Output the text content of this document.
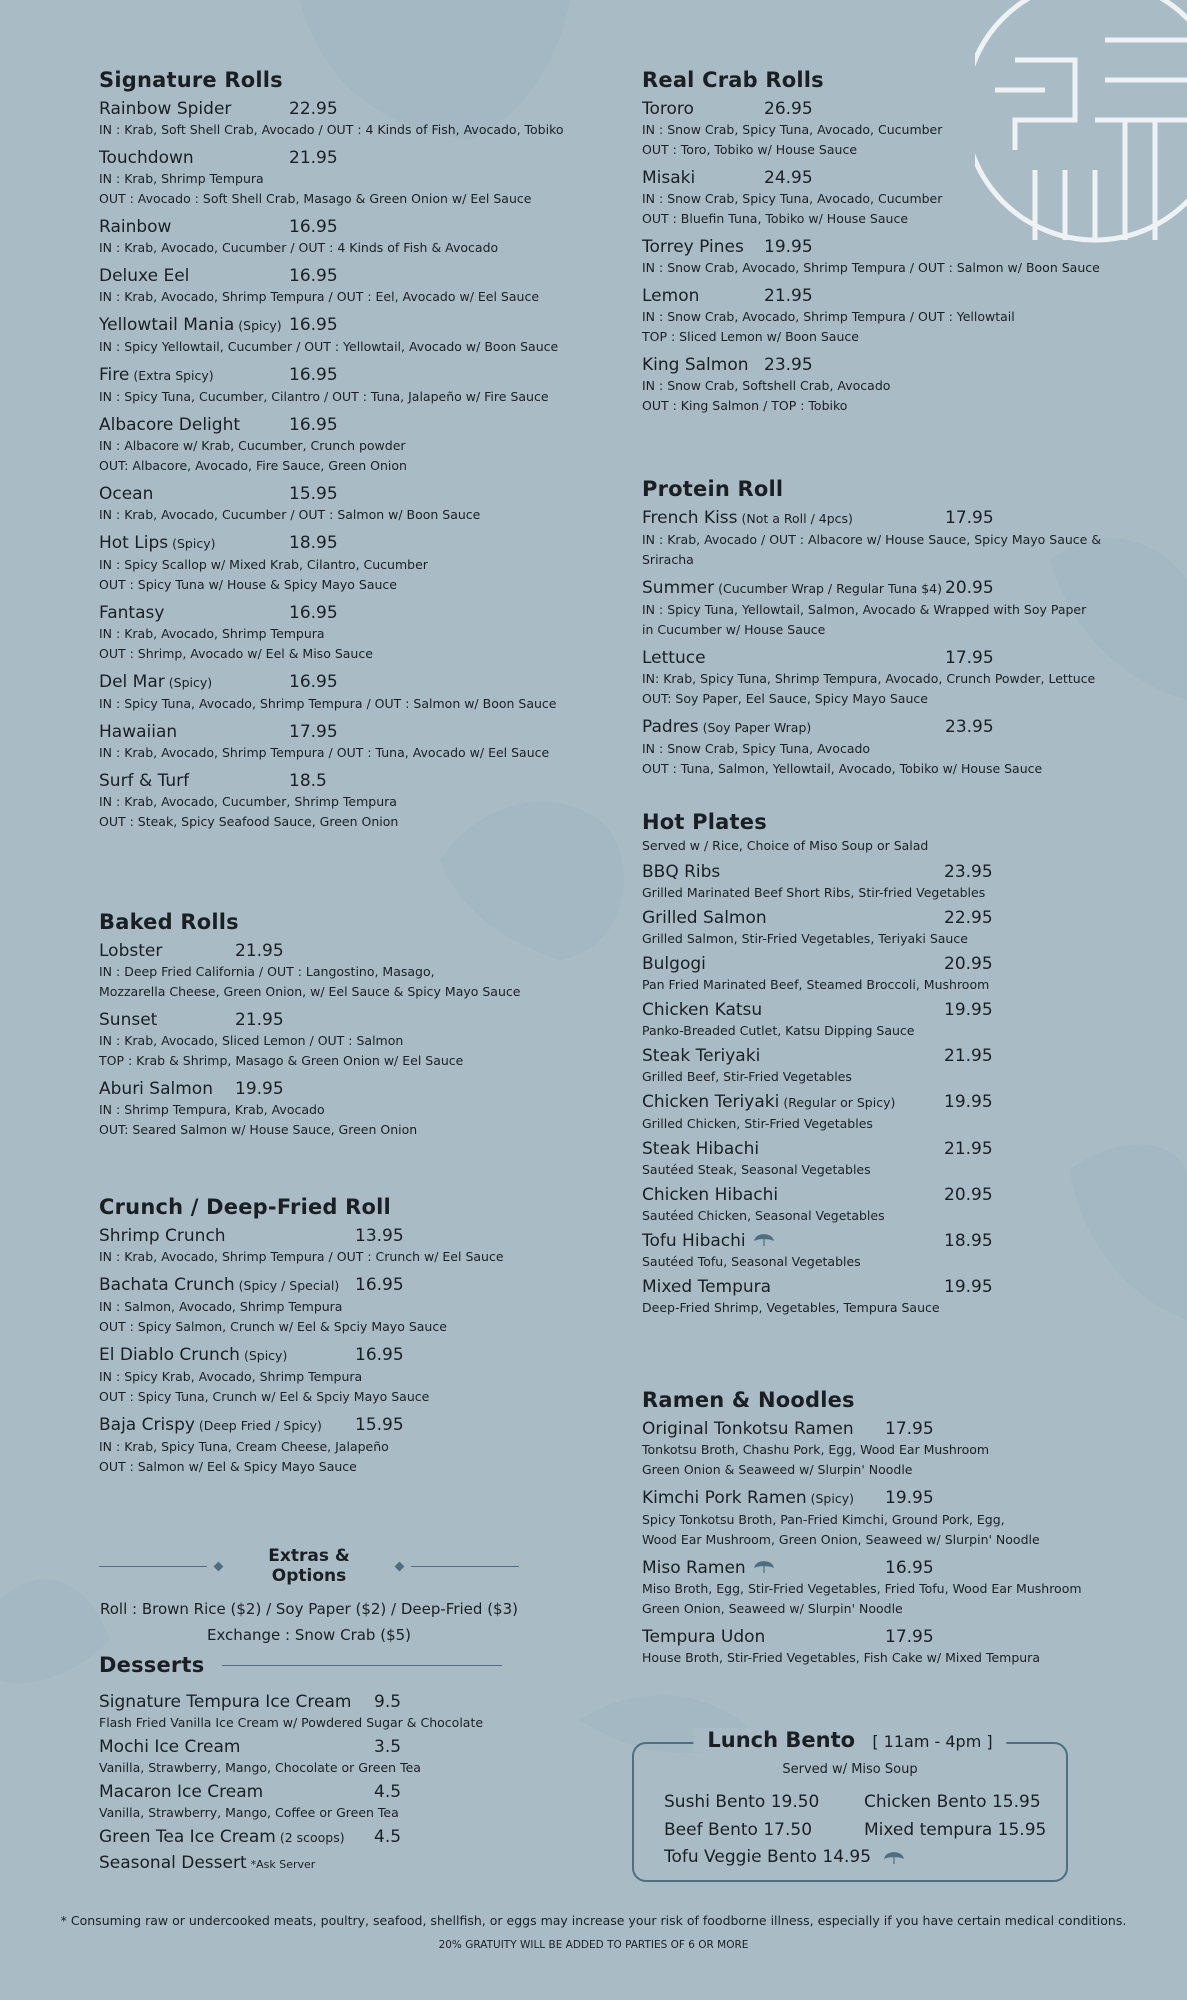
Signature Rolls
Rainbow Spider	22.95
IN : Krab, Soft Shell Crab, Avocado / OUT : 4 Kinds of Fish, Avocado, Tobiko
Touchdown	21.95
IN : Krab, Shrimp Tempura
OUT : Avocado : Soft Shell Crab, Masago & Green Onion w/ Eel Sauce
Rainbow	16.95
IN : Krab, Avocado, Cucumber / OUT : 4 Kinds of Fish & Avocado
Deluxe Eel	16.95
IN : Krab, Avocado, Shrimp Tempura / OUT : Eel, Avocado w/ Eel Sauce
Yellowtail Mania (Spicy) 16.95
IN : Spicy Yellowtail, Cucumber / OUT : Yellowtail, Avocado w/ Boon Sauce
Fire (Extra Spicy)	16.95
IN : Spicy Tuna, Cucumber, Cilantro / OUT : Tuna, Jalapeño w/ Fire Sauce
Albacore Delight	16.95
IN : Albacore w/ Krab, Cucumber, Crunch powder
OUT: Albacore, Avocado, Fire Sauce, Green Onion
Ocean	15.95
IN : Krab, Avocado, Cucumber / OUT : Salmon w/ Boon Sauce
Hot Lips (Spicy)	18.95
IN : Spicy Scallop w/ Mixed Krab, Cilantro, Cucumber
OUT : Spicy Tuna w/ House & Spicy Mayo Sauce
Fantasy	16.95
IN : Krab, Avocado, Shrimp Tempura
OUT : Shrimp, Avocado w/ Eel & Miso Sauce
Del Mar (Spicy)	16.95
IN : Spicy Tuna, Avocado, Shrimp Tempura / OUT : Salmon w/ Boon Sauce
Hawaiian	17.95
IN : Krab, Avocado, Shrimp Tempura / OUT : Tuna, Avocado w/ Eel Sauce
Surf & Turf	18.5
IN : Krab, Avocado, Cucumber, Shrimp Tempura
OUT : Steak, Spicy Seafood Sauce, Green Onion
Baked Rolls
Lobster	21.95
IN : Deep Fried California / OUT : Langostino, Masago,
Mozzarella Cheese, Green Onion, w/ Eel Sauce & Spicy Mayo Sauce
Sunset	21.95
IN : Krab, Avocado, Sliced Lemon / OUT : Salmon
TOP : Krab & Shrimp, Masago & Green Onion w/ Eel Sauce
Aburi Salmon 19.95
IN : Shrimp Tempura, Krab, Avocado
OUT: Seared Salmon w/ House Sauce, Green Onion
Crunch / Deep-Fried Roll
Shrimp Crunch	13.95
IN : Krab, Avocado, Shrimp Tempura / OUT : Crunch w/ Eel Sauce
Bachata Crunch (Spicy / Special) 16.95
IN : Salmon, Avocado, Shrimp Tempura
OUT : Spicy Salmon, Crunch w/ Eel & Spciy Mayo Sauce
El Diablo Crunch (Spicy)	16.95
IN : Spicy Krab, Avocado, Shrimp Tempura
OUT : Spicy Tuna, Crunch w/ Eel & Spciy Mayo Sauce
Baja Crispy (Deep Fried / Spicy) 15.95
IN : Krab, Spicy Tuna, Cream Cheese, Jalapeño
OUT : Salmon w/ Eel & Spicy Mayo Sauce
Extras & Options
Roll : Brown Rice ($2) / Soy Paper ($2) / Deep-Fried ($3)
Exchange : Snow Crab ($5)
Desserts
Signature Tempura Ice Cream 9.5
Flash Fried Vanilla Ice Cream w/ Powdered Sugar & Chocolate
Mochi Ice Cream	3.5
Vanilla, Strawberry, Mango, Chocolate or Green Tea
Macaron Ice Cream	4.5
Vanilla, Strawberry, Mango, Coffee or Green Tea
Green Tea Ice Cream (2 scoops) 4.5
Seasonal Dessert *Ask Server
Real Crab Rolls
Tororo	26.95
IN : Snow Crab, Spicy Tuna, Avocado, Cucumber
OUT : Toro, Tobiko w/ House Sauce
Misaki	24.95
IN : Snow Crab, Spicy Tuna, Avocado, Cucumber
OUT : Bluefin Tuna, Tobiko w/ House Sauce
Torrey Pines 19.95
IN : Snow Crab, Avocado, Shrimp Tempura / OUT : Salmon w/ Boon Sauce
Lemon	21.95
IN : Snow Crab, Avocado, Shrimp Tempura / OUT : Yellowtail
TOP : Sliced Lemon w/ Boon Sauce
King Salmon 23.95
IN : Snow Crab, Softshell Crab, Avocado
OUT : King Salmon / TOP : Tobiko
Protein Roll
French Kiss (Not a Roll / 4pcs)	17.95
IN : Krab, Avocado / OUT : Albacore w/ House Sauce, Spicy Mayo Sauce & Sriracha
Summer (Cucumber Wrap / Regular Tuna $4) 20.95
IN : Spicy Tuna, Yellowtail, Salmon, Avocado & Wrapped with Soy Paper
in Cucumber w/ House Sauce
Lettuce	17.95
IN: Krab, Spicy Tuna, Shrimp Tempura, Avocado, Crunch Powder, Lettuce
OUT: Soy Paper, Eel Sauce, Spicy Mayo Sauce
Padres (Soy Paper Wrap)	23.95
IN : Snow Crab, Spicy Tuna, Avocado
OUT : Tuna, Salmon, Yellowtail, Avocado, Tobiko w/ House Sauce
Hot Plates
Served w / Rice, Choice of Miso Soup or Salad
BBQ Ribs	23.95
Grilled Marinated Beef Short Ribs, Stir-fried Vegetables
Grilled Salmon	22.95
Grilled Salmon, Stir-Fried Vegetables, Teriyaki Sauce
Bulgogi	20.95
Pan Fried Marinated Beef, Steamed Broccoli, Mushroom
Chicken Katsu	19.95
Panko-Breaded Cutlet, Katsu Dipping Sauce
Steak Teriyaki	21.95
Grilled Beef, Stir-Fried Vegetables
Chicken Teriyaki (Regular or Spicy)	19.95
Grilled Chicken, Stir-Fried Vegetables
Steak Hibachi	21.95
Sautéed Steak, Seasonal Vegetables
Chicken Hibachi	20.95
Sautéed Chicken, Seasonal Vegetables
Tofu Hibachi	18.95
Sautéed Tofu, Seasonal Vegetables
Mixed Tempura	19.95
Deep-Fried Shrimp, Vegetables, Tempura Sauce
Ramen & Noodles
Original Tonkotsu Ramen 17.95
Tonkotsu Broth, Chashu Pork, Egg, Wood Ear Mushroom
Green Onion & Seaweed w/ Slurpin' Noodle
Kimchi Pork Ramen (Spicy) 19.95
Spicy Tonkotsu Broth, Pan-Fried Kimchi, Ground Pork, Egg,
Wood Ear Mushroom, Green Onion, Seaweed w/ Slurpin' Noodle
Miso Ramen	16.95
Miso Broth, Egg, Stir-Fried Vegetables, Fried Tofu, Wood Ear Mushroom
Green Onion, Seaweed w/ Slurpin' Noodle
Tempura Udon	17.95
House Broth, Stir-Fried Vegetables, Fish Cake w/ Mixed Tempura
Lunch Bento [ 11am - 4pm ]
Served w/ Miso Soup
Sushi Bento 19.50	Chicken Bento 15.95
Beef Bento 17.50	Mixed tempura 15.95
Tofu Veggie Bento 14.95
* Consuming raw or undercooked meats, poultry, seafood, shellfish, or eggs may increase your risk of foodborne illness, especially if you have certain medical conditions.
20% GRATUITY WILL BE ADDED TO PARTIES OF 6 OR MORE
